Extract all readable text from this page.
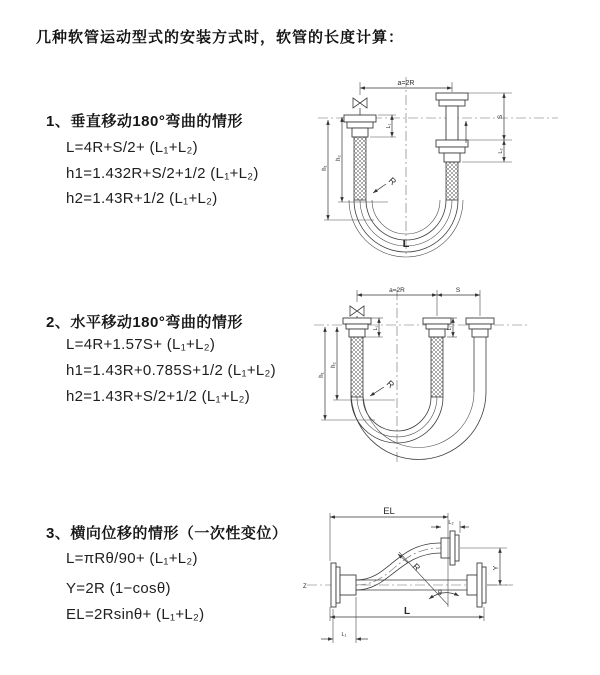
几种软管运动型式的安装方式时，软管的长度计算：
1、垂直移动180°弯曲的情形
L=4R+S/2+ (L₁+L₂)
h1=1.432R+S/2+1/2 (L₁+L₂)
h2=1.43R+1/2 (L₁+L₂)
2、水平移动180°弯曲的情形
L=4R+1.57S+ (L₁+L₂)
h1=1.43R+0.785S+1/2 (L₁+L₂)
h2=1.43R+S/2+1/2 (L₁+L₂)
3、横向位移的情形（一次性变位）
L=πRθ/90+ (L₁+L₂)
Y=2R (1−cosθ)
EL=2Rsinθ+ (L₁+L₂)
a=2R
h₁
h₂
L₁
S
L₂
R
L
a=2R	S
h₁
h₂
L₁	L₂
R
Z
EL
L₂
R
θ
Y
L
L₁
